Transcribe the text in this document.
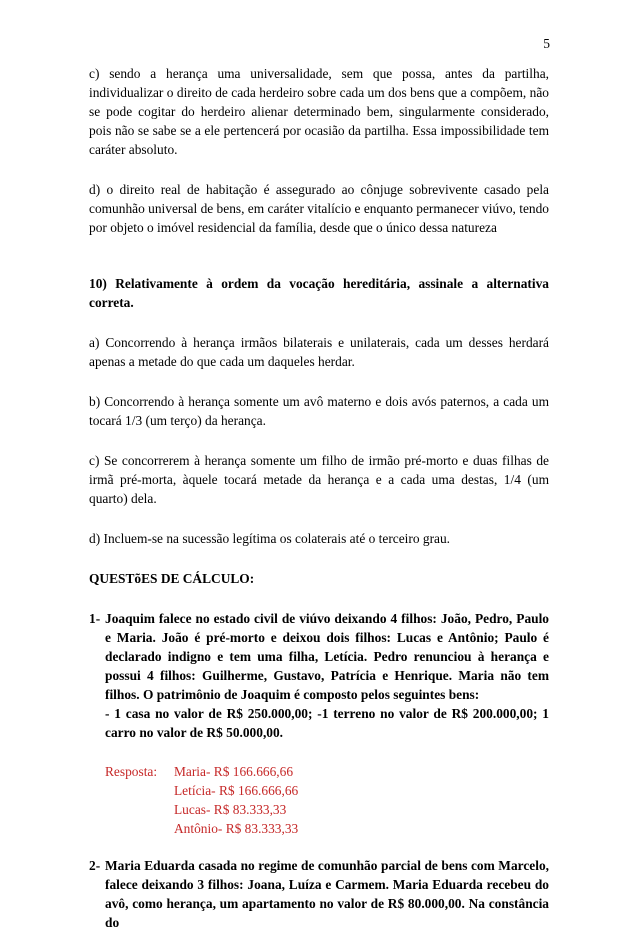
5

c) sendo a herança uma universalidade, sem que possa, antes da partilha, individualizar o direito de cada herdeiro sobre cada um dos bens que a compõem, não se pode cogitar do herdeiro alienar determinado bem, singularmente considerado, pois não se sabe se a ele pertencerá por ocasião da partilha. Essa impossibilidade tem caráter absoluto.

d) o direito real de habitação é assegurado ao cônjuge sobrevivente casado pela comunhão universal de bens, em caráter vitalício e enquanto permanecer viúvo, tendo por objeto o imóvel residencial da família, desde que o único dessa natureza

10) Relativamente à ordem da vocação hereditária, assinale a alternativa correta.

a) Concorrendo à herança irmãos bilaterais e unilaterais, cada um desses herdará apenas a metade do que cada um daqueles herdar.

b) Concorrendo à herança somente um avô materno e dois avós paternos, a cada um tocará 1/3 (um terço) da herança.

c) Se concorrerem à herança somente um filho de irmão pré-morto e duas filhas de irmã pré-morta, àquele tocará metade da herança e a cada uma destas, 1/4 (um quarto) dela.

d) Incluem-se na sucessão legítima os colaterais até o terceiro grau.

QUESTõES DE CÁLCULO:

1- Joaquim falece no estado civil de viúvo deixando 4 filhos: João, Pedro, Paulo e Maria. João é pré-morto e deixou dois filhos: Lucas e Antônio; Paulo é declarado indigno e tem uma filha, Letícia. Pedro renunciou à herança e possui 4 filhos: Guilherme, Gustavo, Patrícia e Henrique. Maria não tem filhos. O patrimônio de Joaquim é composto pelos seguintes bens:

- 1 casa no valor de R$ 250.000,00; -1 terreno no valor de R$ 200.000,00; 1 carro no valor de R$ 50.000,00.

Resposta:	Maria- R$ 166.666,66
Letícia- R$ 166.666,66
Lucas- R$ 83.333,33
Antônio- R$ 83.333,33
2- Maria Eduarda casada no regime de comunhão parcial de bens com Marcelo, falece deixando 3 filhos: Joana, Luíza e Carmem. Maria Eduarda recebeu do avô, como herança, um apartamento no valor de R$ 80.000,00. Na constância do
